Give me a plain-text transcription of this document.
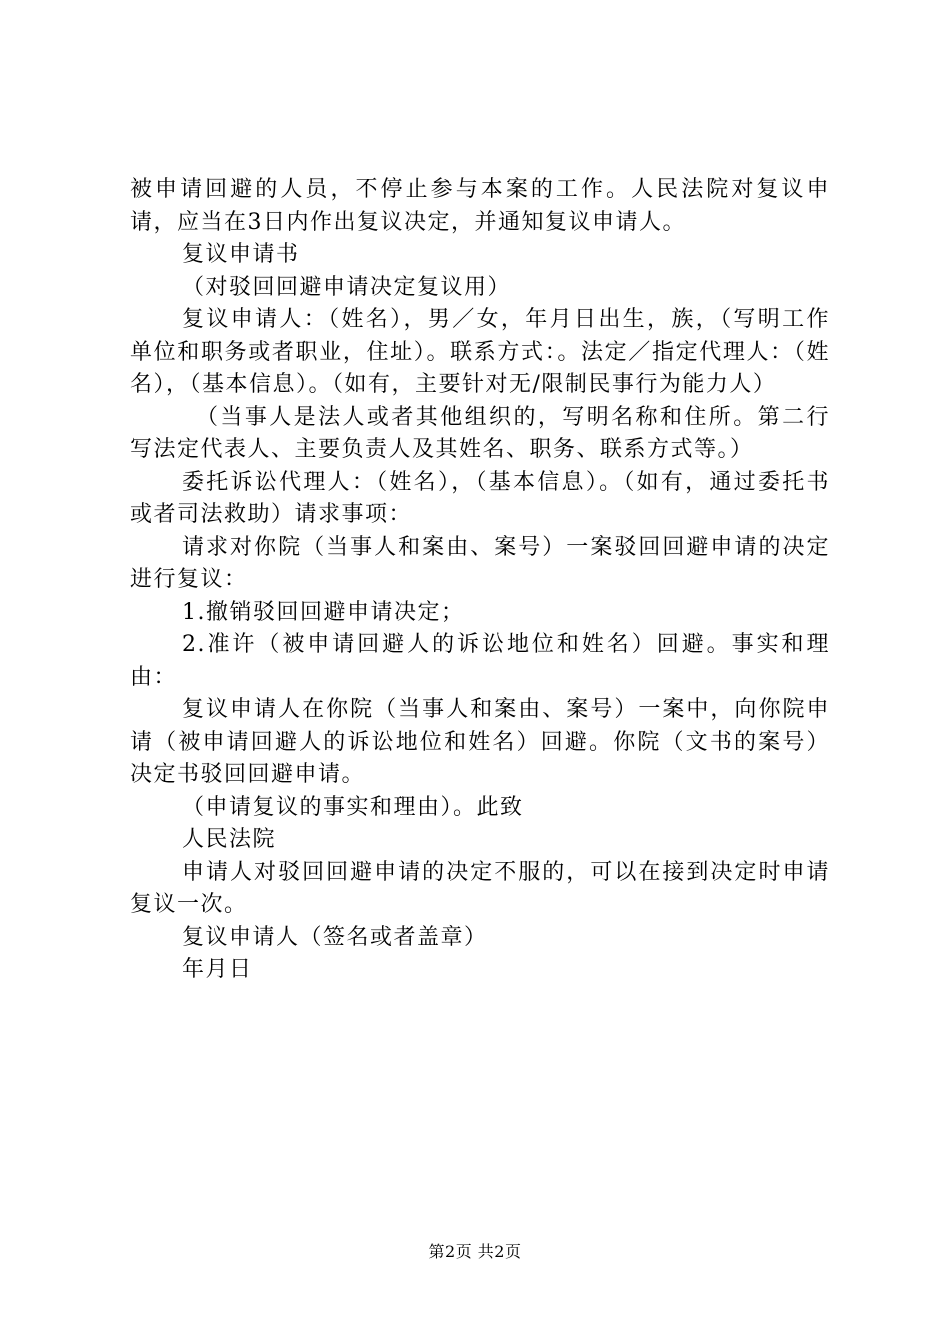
被申请回避的人员，不停止参与本案的工作。人民法院对复议申请，应当在3日内作出复议决定，并通知复议申请人。

复议申请书

（对驳回回避申请决定复议用）

复议申请人：（姓名），男／女，年月日出生，族，（写明工作单位和职务或者职业，住址）。联系方式：。法定／指定代理人：（姓名），（基本信息）。（如有，主要针对无/限制民事行为能力人）

（当事人是法人或者其他组织的，写明名称和住所。第二行写法定代表人、主要负责人及其姓名、职务、联系方式等。）

委托诉讼代理人：（姓名），（基本信息）。（如有，通过委托书或者司法救助）请求事项：

请求对你院（当事人和案由、案号）一案驳回回避申请的决定进行复议：

1.撤销驳回回避申请决定；

2.准许（被申请回避人的诉讼地位和姓名）回避。事实和理由：

复议申请人在你院（当事人和案由、案号）一案中，向你院申请（被申请回避人的诉讼地位和姓名）回避。你院（文书的案号）决定书驳回回避申请。

（申请复议的事实和理由）。此致

人民法院

申请人对驳回回避申请的决定不服的，可以在接到决定时申请复议一次。

复议申请人（签名或者盖章）

年月日

第2页 共2页
